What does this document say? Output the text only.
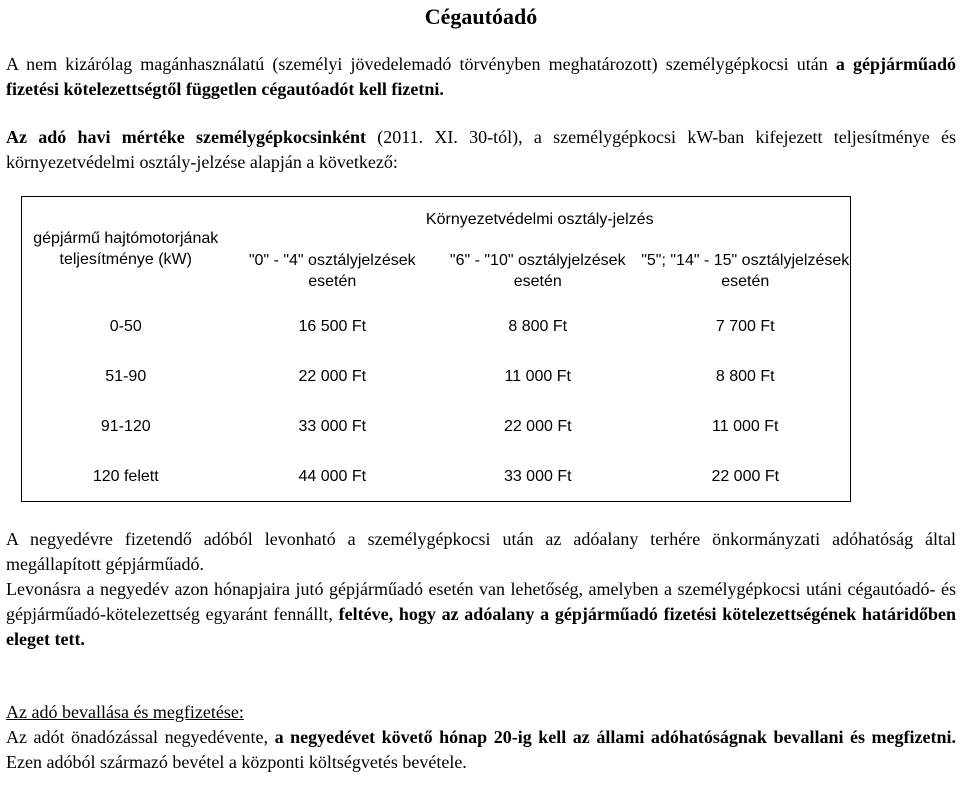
Cégautóadó

A nem kizárólag magánhasználatú (személyi jövedelemadó törvényben meghatározott) személygépkocsi után a gépjárműadó fizetési kötelezettségtől független cégautóadót kell fizetni.

Az adó havi mértéke személygépkocsinként (2011. XI. 30-tól), a személygépkocsi kW-ban kifejezett teljesítménye és környezetvédelmi osztály-jelzése alapján a következő:

gépjármű hajtómotorjának teljesítménye (kW)	Környezetvédelmi osztály-jelzés		
	"0" - "4" osztályjelzések esetén	"6" - "10" osztályjelzések esetén	"5"; "14" - 15" osztályjelzések esetén
0-50	16 500 Ft	8 800 Ft	7 700 Ft
51-90	22 000 Ft	11 000 Ft	8 800 Ft
91-120	33 000 Ft	22 000 Ft	11 000 Ft
120 felett	44 000 Ft	33 000 Ft	22 000 Ft

A negyedévre fizetendő adóból levonható a személygépkocsi után az adóalany terhére önkormányzati adóhatóság által megállapított gépjárműadó.

Levonásra a negyedév azon hónapjaira jutó gépjárműadó esetén van lehetőség, amelyben a személygépkocsi utáni cégautóadó- és gépjárműadó-kötelezettség egyaránt fennállt, feltéve, hogy az adóalany a gépjárműadó fizetési kötelezettségének határidőben eleget tett.

Az adó bevallása és megfizetése:

Az adót önadózással negyedévente, a negyedévet követő hónap 20-ig kell az állami adóhatóságnak bevallani és megfizetni. Ezen adóból származó bevétel a központi költségvetés bevétele.
